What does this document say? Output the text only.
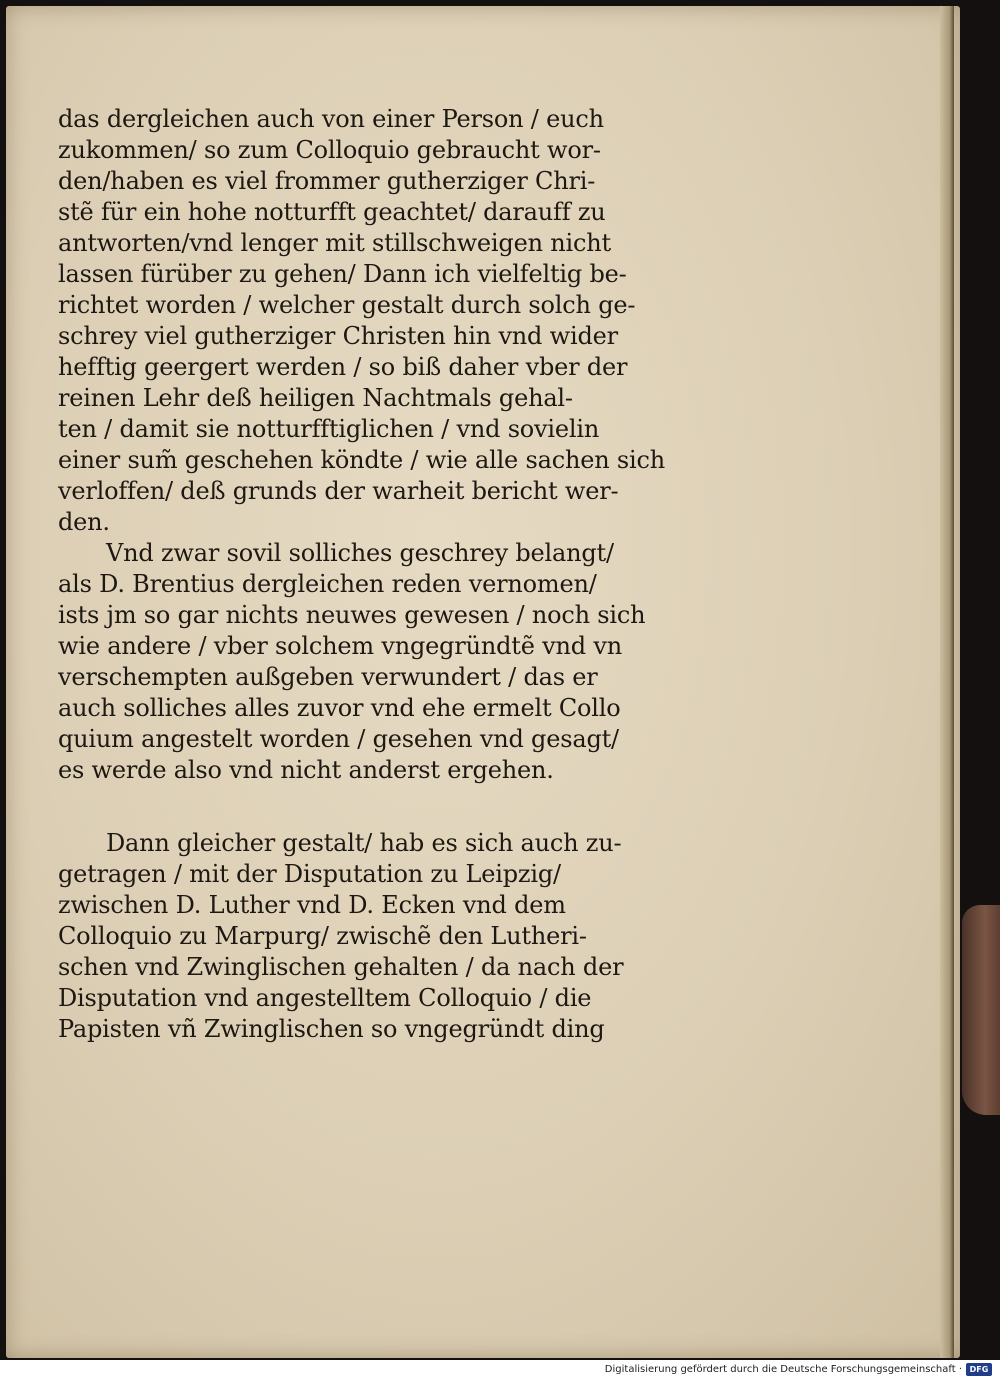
das dergleichen auch von einer Person / euch
zukommen/ so zum Colloquio gebraucht wor‑
den/haben es viel frommer gutherziger Chri‑
stẽ für ein hohe notturfft geachtet/ darauff zu
antworten/vnd lenger mit stillschweigen nicht
lassen fürüber zu gehen/ Dann ich vielfeltig be‑
richtet worden / welcher gestalt durch solch ge‑
schrey viel gutherziger Christen hin vnd wider
hefftig geergert werden / so biß daher vber der
reinen Lehr deß heiligen Nachtmals gehal‑
ten / damit sie notturfftiglichen / vnd sovielin
einer sum̃ geschehen köndte / wie alle sachen sich
verloffen/ deß grunds der warheit bericht wer‑
den.
Vnd zwar sovil solliches geschrey belangt/
als D. Brentius dergleichen reden vernomen/
ists jm so gar nichts neuwes gewesen / noch sich
wie andere / vber solchem vngegründtẽ vnd vn
verschempten außgeben verwundert / das er
auch solliches alles zuvor vnd ehe ermelt Collo
quium angestelt worden / gesehen vnd gesagt/
es werde also vnd nicht anderst ergehen.
Dann gleicher gestalt/ hab es sich auch zu‑
getragen / mit der Disputation zu Leipzig/
zwischen D. Luther vnd D. Ecken vnd dem
Colloquio zu Marpurg/ zwischẽ den Lutheri‑
schen vnd Zwinglischen gehalten / da nach der
Disputation vnd angestelltem Colloquio / die
Papisten vñ Zwinglischen so vngegründt ding
Digitalisierung gefördert durch die Deutsche Forschungsgemeinschaft · DFG
